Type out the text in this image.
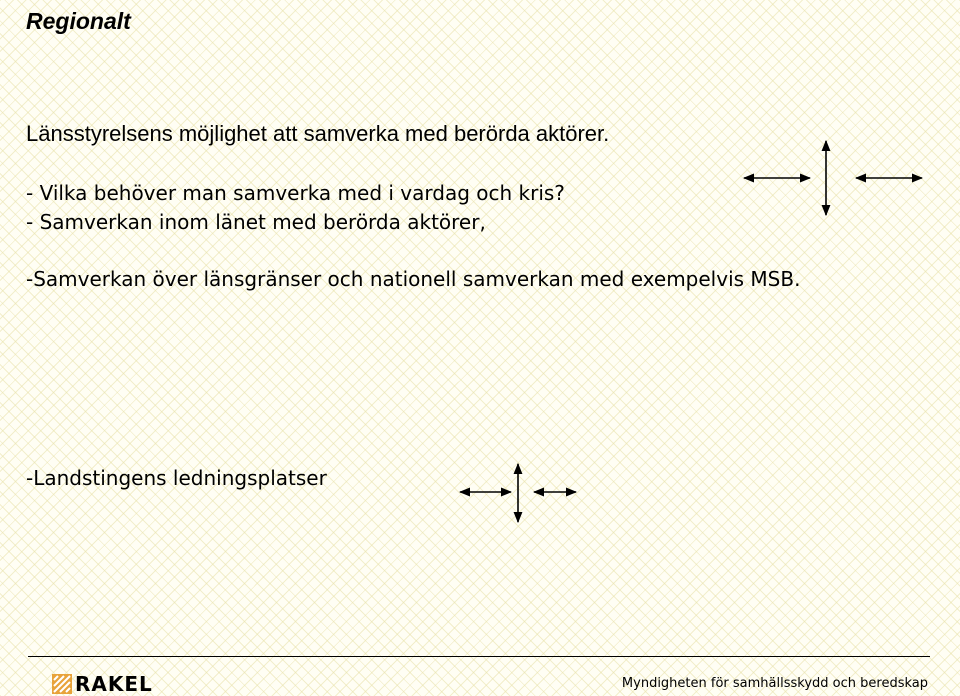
Regionalt

Länsstyrelsens möjlighet att samverka med berörda aktörer.

- Vilka behöver man samverka med i vardag och kris?

- Samverkan inom länet med berörda aktörer,

-Samverkan över länsgränser och nationell samverkan med exempelvis MSB.

-Landstingens ledningsplatser

RAKEL	Myndigheten för samhällsskydd och beredskap
